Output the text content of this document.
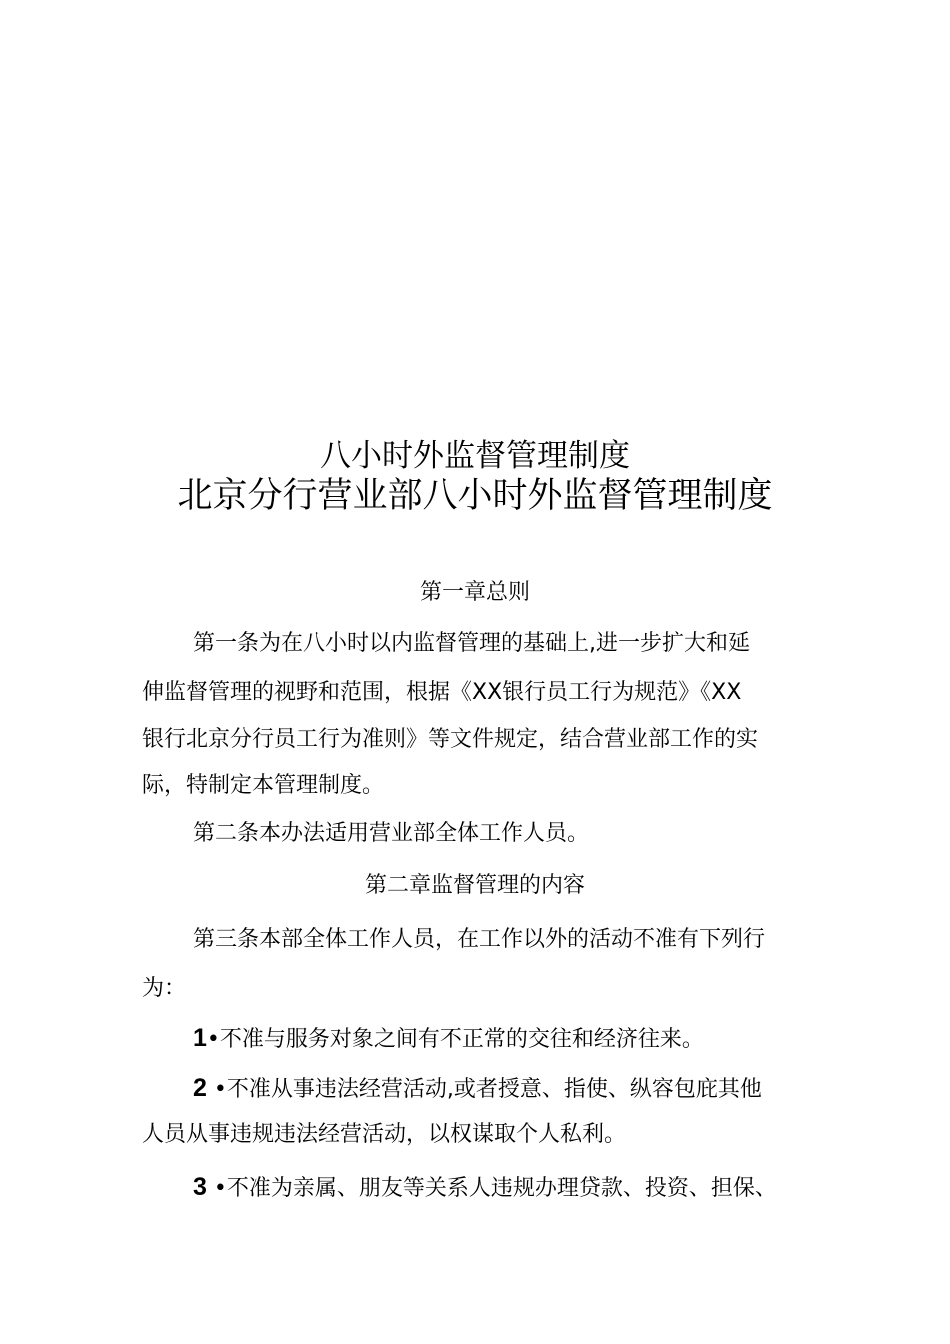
八小时外监督管理制度
北京分行营业部八小时外监督管理制度
第一章总则
第一条为在八小时以内监督管理的基础上,进一步扩大和延
伸监督管理的视野和范围，根据《XX银行员工行为规范》《XX
银行北京分行员工行为准则》等文件规定，结合营业部工作的实
际，特制定本管理制度。
第二条本办法适用营业部全体工作人员。
第二章监督管理的内容
第三条本部全体工作人员，在工作以外的活动不准有下列行
为：
1•不准与服务对象之间有不正常的交往和经济往来。
2 •不准从事违法经营活动,或者授意、指使、纵容包庇其他
人员从事违规违法经营活动，以权谋取个人私利。
3 •不准为亲属、朋友等关系人违规办理贷款、投资、担保、
